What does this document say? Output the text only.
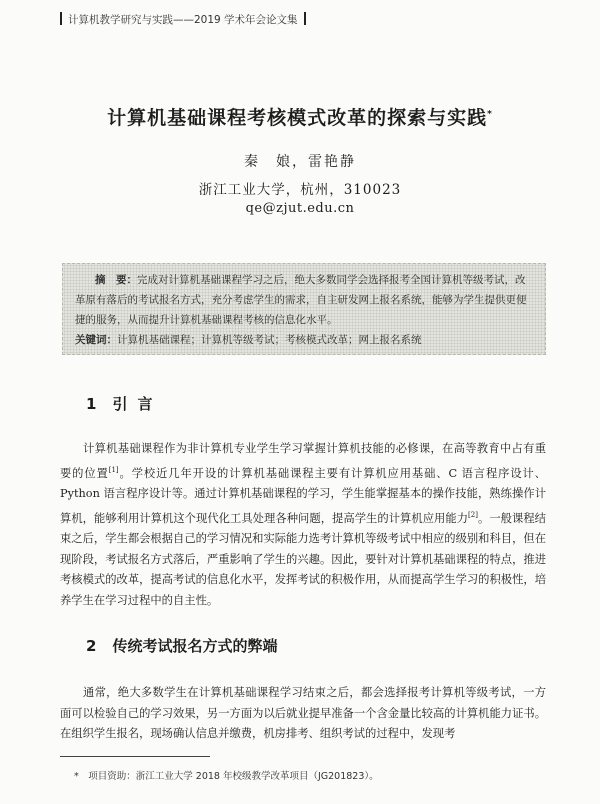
计算机教学研究与实践——2019 学术年会论文集
计算机基础课程考核模式改革的探索与实践*
秦　娘，雷艳静
浙江工业大学，杭州，310023
qe@zjut.edu.cn

摘　要：完成对计算机基础课程学习之后，绝大多数同学会选择报考全国计算机等级考试，改革原有落后的考试报名方式，充分考虑学生的需求，自主研发网上报名系统，能够为学生提供更便捷的服务，从而提升计算机基础课程考核的信息化水平。

关键词：计算机基础课程；计算机等级考试；考核模式改革；网上报名系统

1 引言

计算机基础课程作为非计算机专业学生学习掌握计算机技能的必修课，在高等教育中占有重要的位置[1]。学校近几年开设的计算机基础课程主要有计算机应用基础、C 语言程序设计、Python 语言程序设计等。通过计算机基础课程的学习，学生能掌握基本的操作技能，熟练操作计算机，能够利用计算机这个现代化工具处理各种问题，提高学生的计算机应用能力[2]。一般课程结束之后，学生都会根据自己的学习情况和实际能力选考计算机等级考试中相应的级别和科目，但在现阶段，考试报名方式落后，严重影响了学生的兴趣。因此，要针对计算机基础课程的特点，推进考核模式的改革，提高考试的信息化水平，发挥考试的积极作用，从而提高学生学习的积极性，培养学生在学习过程中的自主性。

2 传统考试报名方式的弊端

通常，绝大多数学生在计算机基础课程学习结束之后，都会选择报考计算机等级考试，一方面可以检验自己的学习效果，另一方面为以后就业提早准备一个含金量比较高的计算机能力证书。在组织学生报名，现场确认信息并缴费，机房排考、组织考试的过程中，发现考

*　项目资助：浙江工业大学 2018 年校级教学改革项目（JG201823）。
